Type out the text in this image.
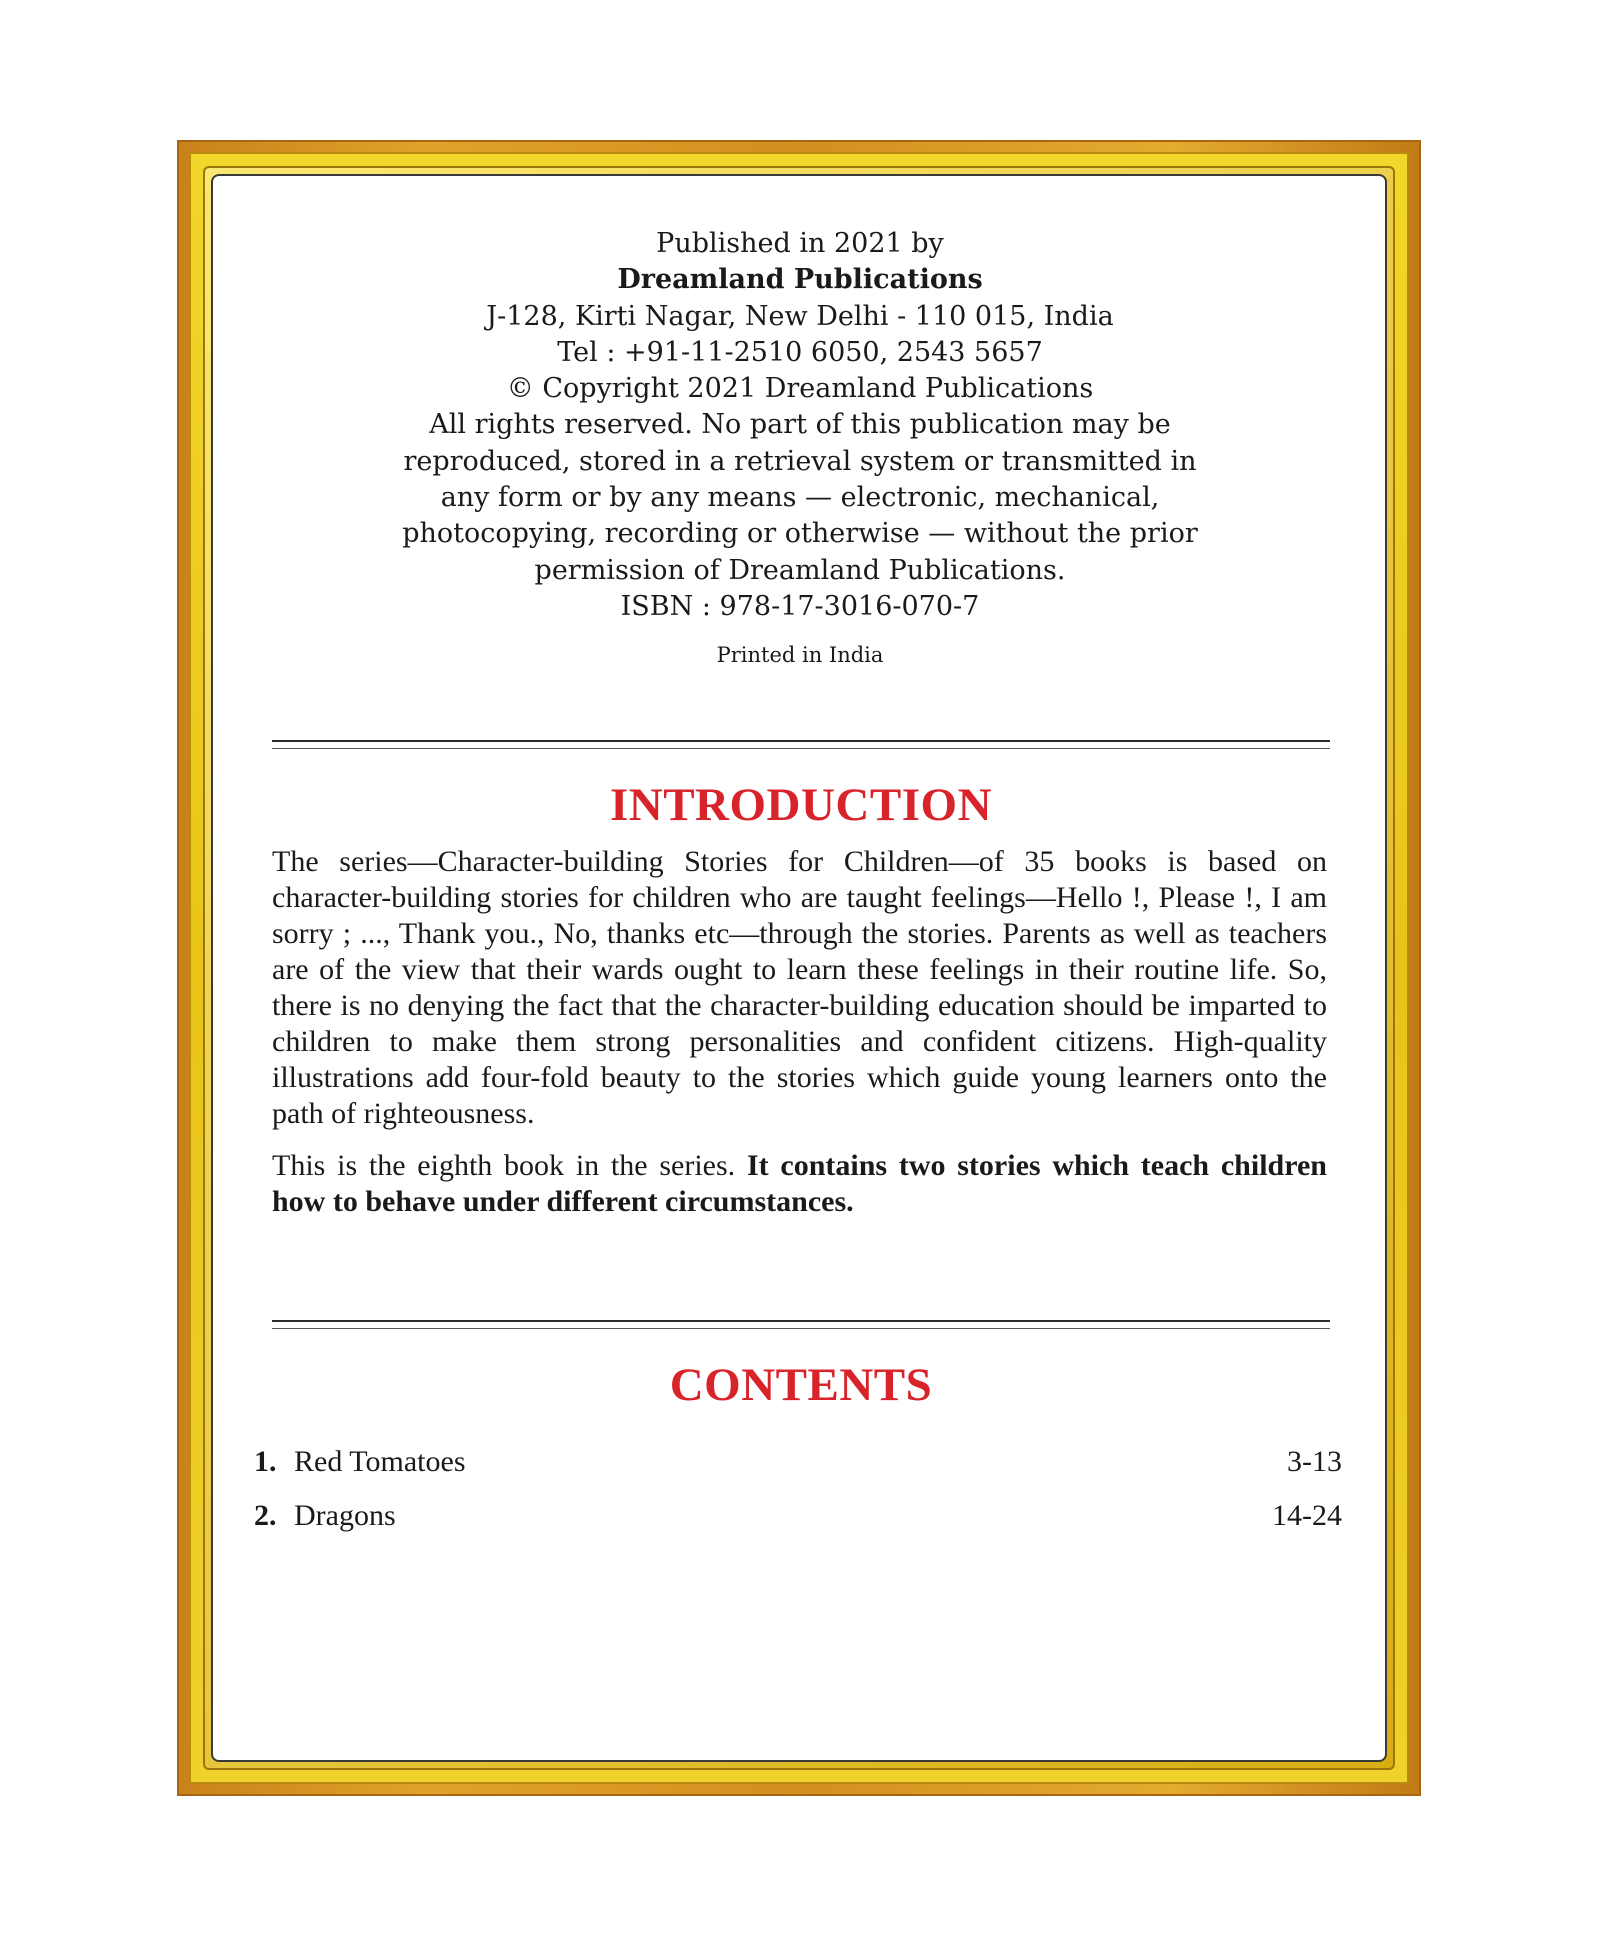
Published in 2021 by
Dreamland Publications
J-128, Kirti Nagar, New Delhi - 110 015, India
Tel : +91-11-2510 6050, 2543 5657
© Copyright 2021 Dreamland Publications
All rights reserved. No part of this publication may be
reproduced, stored in a retrieval system or transmitted in
any form or by any means — electronic, mechanical,
photocopying, recording or otherwise — without the prior
permission of Dreamland Publications.
ISBN : 978-17-3016-070-7
Printed in India
INTRODUCTION

The series—Character-building Stories for Children—of 35 books is based on character-building stories for children who are taught feelings—Hello !, Please !, I am sorry ; ..., Thank you., No, thanks etc—through the stories. Parents as well as teachers are of the view that their wards ought to learn these feelings in their routine life. So, there is no denying the fact that the character-building education should be imparted to children to make them strong personalities and confident citizens. High-quality illustrations add four-fold beauty to the stories which guide young learners onto the path of righteousness.

This is the eighth book in the series. It contains two stories which teach children how to behave under different circumstances.

CONTENTS
1. Red Tomatoes	3-13
2. Dragons	14-24
